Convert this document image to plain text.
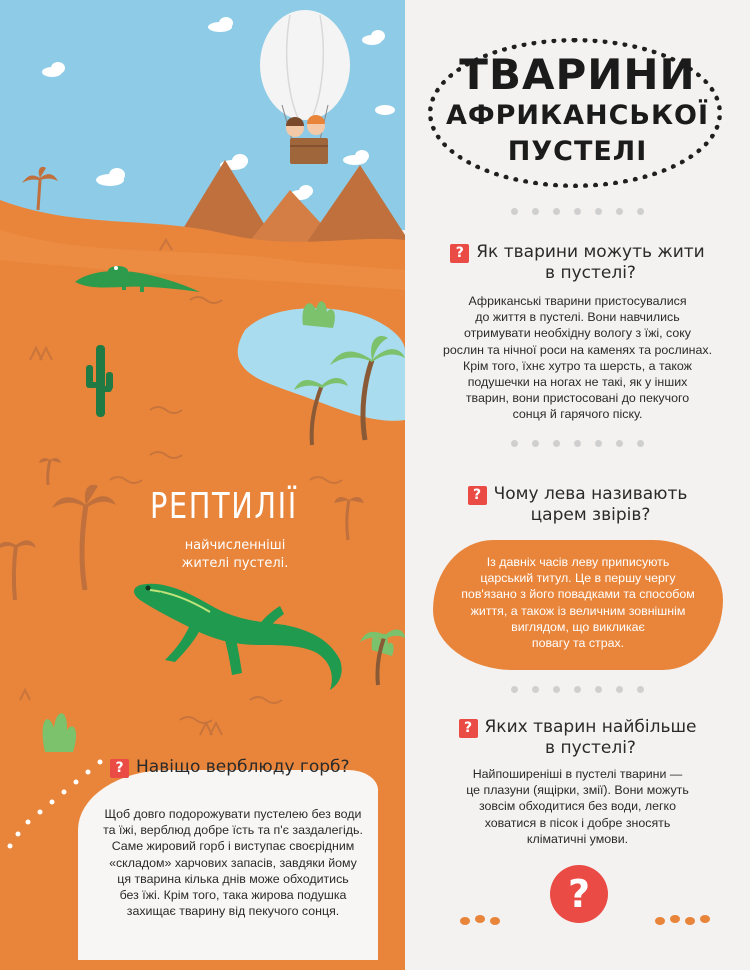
РЕПТИЛІЇ
найчисленніші
жителі пустелі.
? Навіщо верблюду горб?
Щоб довго подорожувати пустелею без води
та їжі, верблюд добре їсть та п'є заздалегідь.
Саме жировий горб і виступає своєрідним
«складом» харчових запасів, завдяки йому
ця тварина кілька днів може обходитись
без їжі. Крім того, така жирова подушка
захищає тварину від пекучого сонця.
ТВАРИНИ
АФРИКАНСЬКОЇ
ПУСТЕЛІ
? Як тварини можуть жити
в пустелі?
Африканські тварини пристосувалися
до життя в пустелі. Вони навчились
отримувати необхідну вологу з їжі, соку
рослин та нічної роси на каменях та рослинах.
Крім того, їхнє хутро та шерсть, а також
подушечки на ногах не такі, як у інших
тварин, вони пристосовані до пекучого
сонця й гарячого піску.
? Чому лева називають
царем звірів?
Із давніх часів леву приписують
царський титул. Це в першу чергу
пов'язано з його повадками та способом
життя, а також із величним зовнішнім
виглядом, що викликає
повагу та страх.
? Яких тварин найбільше
в пустелі?
Найпоширеніші в пустелі тварини —
це плазуни (ящірки, змії). Вони можуть
зовсім обходитися без води, легко
ховатися в пісок і добре зносять
кліматичні умови.
?
